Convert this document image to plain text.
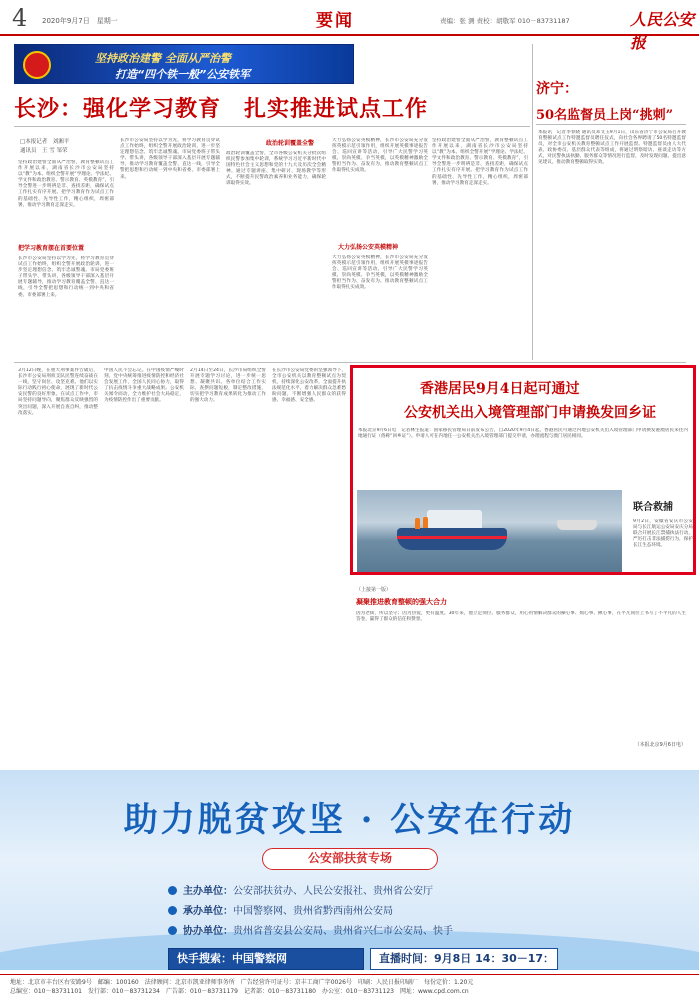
4 2020年9月7日　星期一	要闻	责编：张 测 责校：胡敬军 010－83731187	人民公安报
坚持政治建警 全面从严治警
打造“四个铁一般”公安铁军
长沙：强化学习教育　扎实推进试点工作
□本报记者　刘湘平
通讯员　王 雪 邹荣
坚持政治建警全面从严治警，教育整顿试点工作开展以来，湖南省长沙市公安局坚持以“教”为本、组织全警开展“学理论、学法纪、学文件和政治教育、警示教育、英模教育”，引导全警进一步明辨是非、查找差距，确保试点工作扎实有序开展。把学习教育作为试点工作的基础性、先导性工作，精心组织，周密部署，推动学习教育走深走实。
把学习教育摆在首要位置
长沙市公安局坚持以学为先，将学习教育贯穿试点工作始终，组织全警开展政治轮训，进一步坚定理想信念、筑牢忠诚警魂。市局党委班子带头学、带头讲，各级领导干部深入基层开展专题辅导，推动学习教育覆盖全警、直达一线，引导全警把思想和行动统一到中央和省委、市委部署上来。
长沙市公安局坚持以学为先，将学习教育贯穿试点工作始终，组织全警开展政治轮训，进一步坚定理想信念、筑牢忠诚警魂。市局党委班子带头学、带头讲，各级领导干部深入基层开展专题辅导，推动学习教育覆盖全警、直达一线，引导全警把思想和行动统一到中央和省委、市委部署上来。
政治轮训覆盖全警
政治轮训覆盖全警，全市各级公安机关分批次组织民警参加集中轮训，系统学习习近平新时代中国特色社会主义思想和党的十九大及历次全会精神。通过专题讲座、集中研讨、现场教学等形式，不断提升民警政治素养和业务能力，确保轮训取得实效。
大力弘扬公安英模精神，长沙市公安局充分发挥英模示范引领作用，组织开展英模事迹报告会、巡回宣讲等活动，引导广大民警学习英模、崇尚英模、争当英模，以英模精神激励全警担当作为、奋发有为，推动教育整顿试点工作取得扎实成效。
大力弘扬公安英模精神
大力弘扬公安英模精神，长沙市公安局充分发挥英模示范引领作用，组织开展英模事迹报告会、巡回宣讲等活动，引导广大民警学习英模、崇尚英模、争当英模，以英模精神激励全警担当作为、奋发有为，推动教育整顿试点工作取得扎实成效。
坚持政治建警全面从严治警，教育整顿试点工作开展以来，湖南省长沙市公安局坚持以“教”为本、组织全警开展“学理论、学法纪、学文件和政治教育、警示教育、英模教育”，引导全警进一步明辨是非、查找差距，确保试点工作扎实有序开展。把学习教育作为试点工作的基础性、先导性工作，精心组织，周密部署，推动学习教育走深走实。
济宁：
50名监督员上岗“挑刺”
本报讯　记者李春晓 通讯员邓文玉9月1日，山东省济宁市公安局召开教育整顿试点工作特邀监督员聘任仪式，向社会各界聘请了50名特邀监督员，对全市公安机关教育整顿试点工作开展监督。特邀监督员由人大代表、政协委员、基层群众代表等组成，将通过明察暗访、座谈走访等方式，对民警执法执勤、服务群众等情况进行监督，及时发现问题、提出意见建议，推动教育整顿取得实效。
3月12日晚，在重大刑事案件告破后，长沙市公安局刑侦支队民警连续奋战在一线，坚守岗位、攻坚克难。他们以实际行动践行初心使命，展现了新时代公安民警的良好形象。在试点工作中，市局坚持问题导向，聚焦群众反映强烈的突出问题，深入开展自查自纠，推动整改落实。
中国人民不会忘记。在中国疫情严峻时刻，党中央统筹推进疫情防控和经济社会发展工作，全国人民同心协力，取得了抗击疫情斗争重大战略成果。公安机关闻令而动，全力维护社会大局稳定，为疫情防控作出了重要贡献。
2月14日至24日，长沙市局组织全警开展专题学习讨论，进一步统一思想、凝聚共识。各单位结合工作实际，查摆问题短板，制定整改措施，切实把学习教育成果转化为推动工作的强大动力。
在长沙市公安局党委的坚强领导下，全市公安机关以教育整顿试点为契机，持续深化公安改革，全面提升执法规范化水平，着力解决群众急难愁盼问题，不断增强人民群众的获得感、幸福感、安全感。
香港居民9月4日起可通过
公安机关出入境管理部门申请换发回乡证
本报北京9月6日电　记者林生报道：国家移民管理局日前发布公告，自2020年9月4日起，香港居民可通过内地公安机关出入境管理部门申请换发港澳居民来往内地通行证（俗称“回乡证”）。申请人可在内地任一公安机关出入境管理部门提交申请，办理流程与澳门居民相同。
联合救捕
9月2日，安徽省安庆市公安局与长江航运公安局安庆分局联合开展长江禁捕执法行动，严厉打击非法捕捞行为，保护长江生态环境。
（上接第一版）
凝聚推进教育整顿的强大合力
因为老街，所以坚守；因为热爱，更有温度。30年来，他立足岗位、服务群众，用心用情解决群众的操心事、烦心事、揪心事，在平凡岗位上书写了不平凡的人生答卷，赢得了群众的信任和赞誉。
（本报北京9月6日电）
助力脱贫攻坚 · 公安在行动
公安部扶贫专场
主办单位：公安部扶贫办、人民公安报社、贵州省公安厅
承办单位：中国警察网、贵州省黔西南州公安局
协办单位：贵州省普安县公安局、贵州省兴仁市公安局、快手
快手搜索：中国警察网	直播时间：9月8日 14：30－17：
地址：北京市丰台区右安路9号　邮编：100160　法律顾问：北京市凯亚律师事务所　广告经营许可证号：京丰工商广字0026号　印刷：人民日报印刷厂　每份定价：1.20元
总编室：010－83731101　发行部：010－83731234　广告部：010－83731179　记者部：010－83731180　办公室：010－83731123　网址：www.cpd.com.cn
